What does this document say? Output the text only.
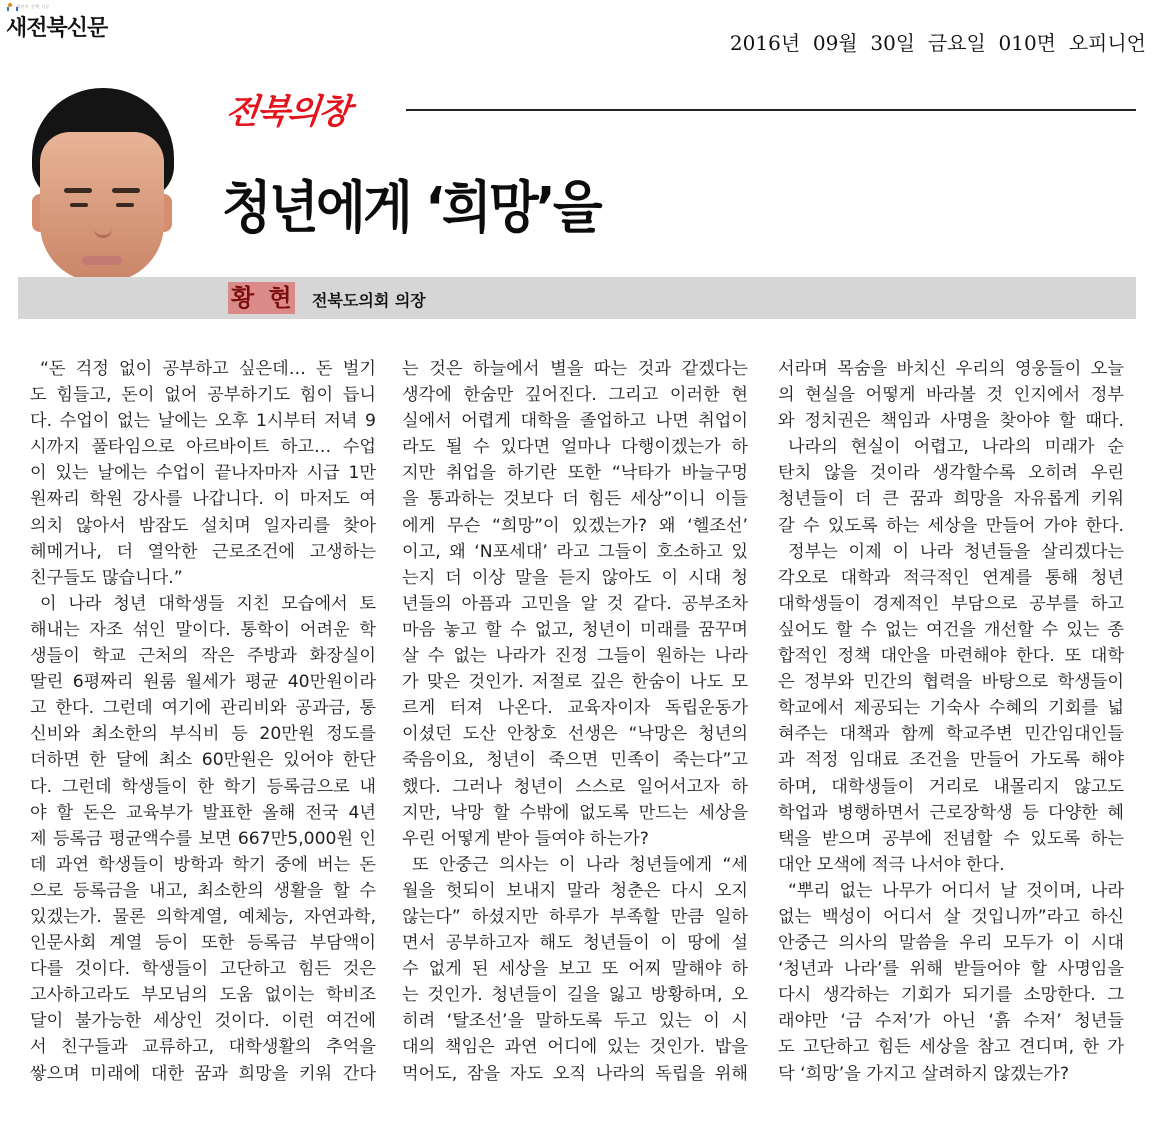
새전북 선택 신문
새전북신문
2016년  09월  30일  금요일  010면  오피니언
전북의창
청년에게 ‘희망’을
황 현 전북도의회 의장
“돈 걱정 없이 공부하고 싶은데… 돈 벌기
도 힘들고, 돈이 없어 공부하기도 힘이 듭니
다. 수업이 없는 날에는 오후 1시부터 저녁 9
시까지 풀타임으로 아르바이트 하고… 수업
이 있는 날에는 수업이 끝나자마자 시급 1만
원짜리 학원 강사를 나갑니다. 이 마저도 여
의치 않아서 밤잠도 설치며 일자리를 찾아
헤메거나, 더 열악한 근로조건에 고생하는
친구들도 많습니다.”
이 나라 청년 대학생들 지친 모습에서 토
해내는 자조 섞인 말이다. 통학이 어려운 학
생들이 학교 근처의 작은 주방과 화장실이
딸린 6평짜리 원룸 월세가 평균 40만원이라
고 한다. 그런데 여기에 관리비와 공과금, 통
신비와 최소한의 부식비 등 20만원 정도를
더하면 한 달에 최소 60만원은 있어야 한단
다. 그런데 학생들이 한 학기 등록금으로 내
야 할 돈은 교육부가 발표한 올해 전국 4년
제 등록금 평균액수를 보면 667만5,000원 인
데 과연 학생들이 방학과 학기 중에 버는 돈
으로 등록금을 내고, 최소한의 생활을 할 수
있겠는가. 물론 의학계열, 예체능, 자연과학,
인문사회 계열 등이 또한 등록금 부담액이
다를 것이다. 학생들이 고단하고 힘든 것은
고사하고라도 부모님의 도움 없이는 학비조
달이 불가능한 세상인 것이다. 이런 여건에
서 친구들과 교류하고, 대학생활의 추억을
쌓으며 미래에 대한 꿈과 희망을 키워 간다
는 것은 하늘에서 별을 따는 것과 같겠다는
생각에 한숨만 깊어진다. 그리고 이러한 현
실에서 어렵게 대학을 졸업하고 나면 취업이
라도 될 수 있다면 얼마나 다행이겠는가 하
지만 취업을 하기란 또한 “낙타가 바늘구멍
을 통과하는 것보다 더 힘든 세상”이니 이들
에게 무슨 “희망”이 있겠는가? 왜 ‘헬조선’
이고, 왜 ‘N포세대’ 라고 그들이 호소하고 있
는지 더 이상 말을 듣지 않아도 이 시대 청
년들의 아픔과 고민을 알 것 같다. 공부조차
마음 놓고 할 수 없고, 청년이 미래를 꿈꾸며
살 수 없는 나라가 진정 그들이 원하는 나라
가 맞은 것인가. 저절로 깊은 한숨이 나도 모
르게 터져 나온다. 교육자이자 독립운동가
이셨던 도산 안창호 선생은 “낙망은 청년의
죽음이요, 청년이 죽으면 민족이 죽는다”고
했다. 그러나 청년이 스스로 일어서고자 하
지만, 낙망 할 수밖에 없도록 만드는 세상을
우린 어떻게 받아 들여야 하는가?
또 안중근 의사는 이 나라 청년들에게 “세
월을 헛되이 보내지 말라 청춘은 다시 오지
않는다” 하셨지만 하루가 부족할 만큼 일하
면서 공부하고자 해도 청년들이 이 땅에 설
수 없게 된 세상을 보고 또 어찌 말해야 하
는 것인가. 청년들이 길을 잃고 방황하며, 오
히려 ‘탈조선’을 말하도록 두고 있는 이 시
대의 책임은 과연 어디에 있는 것인가. 밥을
먹어도, 잠을 자도 오직 나라의 독립을 위해
서라며 목숨을 바치신 우리의 영웅들이 오늘
의 현실을 어떻게 바라볼 것 인지에서 정부
와 정치권은 책임과 사명을 찾아야 할 때다.
나라의 현실이 어렵고, 나라의 미래가 순
탄치 않을 것이라 생각할수록 오히려 우린
청년들이 더 큰 꿈과 희망을 자유롭게 키워
갈 수 있도록 하는 세상을 만들어 가야 한다.
정부는 이제 이 나라 청년들을 살리겠다는
각오로 대학과 적극적인 연계를 통해 청년
대학생들이 경제적인 부담으로 공부를 하고
싶어도 할 수 없는 여건을 개선할 수 있는 종
합적인 정책 대안을 마련해야 한다. 또 대학
은 정부와 민간의 협력을 바탕으로 학생들이
학교에서 제공되는 기숙사 수혜의 기회를 넓
혀주는 대책과 함께 학교주변 민간임대인들
과 적정 임대료 조건을 만들어 가도록 해야
하며, 대학생들이 거리로 내몰리지 않고도
학업과 병행하면서 근로장학생 등 다양한 혜
택을 받으며 공부에 전념할 수 있도록 하는
대안 모색에 적극 나서야 한다.
“뿌리 없는 나무가 어디서 날 것이며, 나라
없는 백성이 어디서 살 것입니까”라고 하신
안중근 의사의 말씀을 우리 모두가 이 시대
‘청년과 나라’를 위해 받들어야 할 사명임을
다시 생각하는 기회가 되기를 소망한다. 그
래야만 ‘금 수저’가 아닌 ‘흙 수저’ 청년들
도 고단하고 힘든 세상을 참고 견디며, 한 가
닥 ‘희망’을 가지고 살려하지 않겠는가?
